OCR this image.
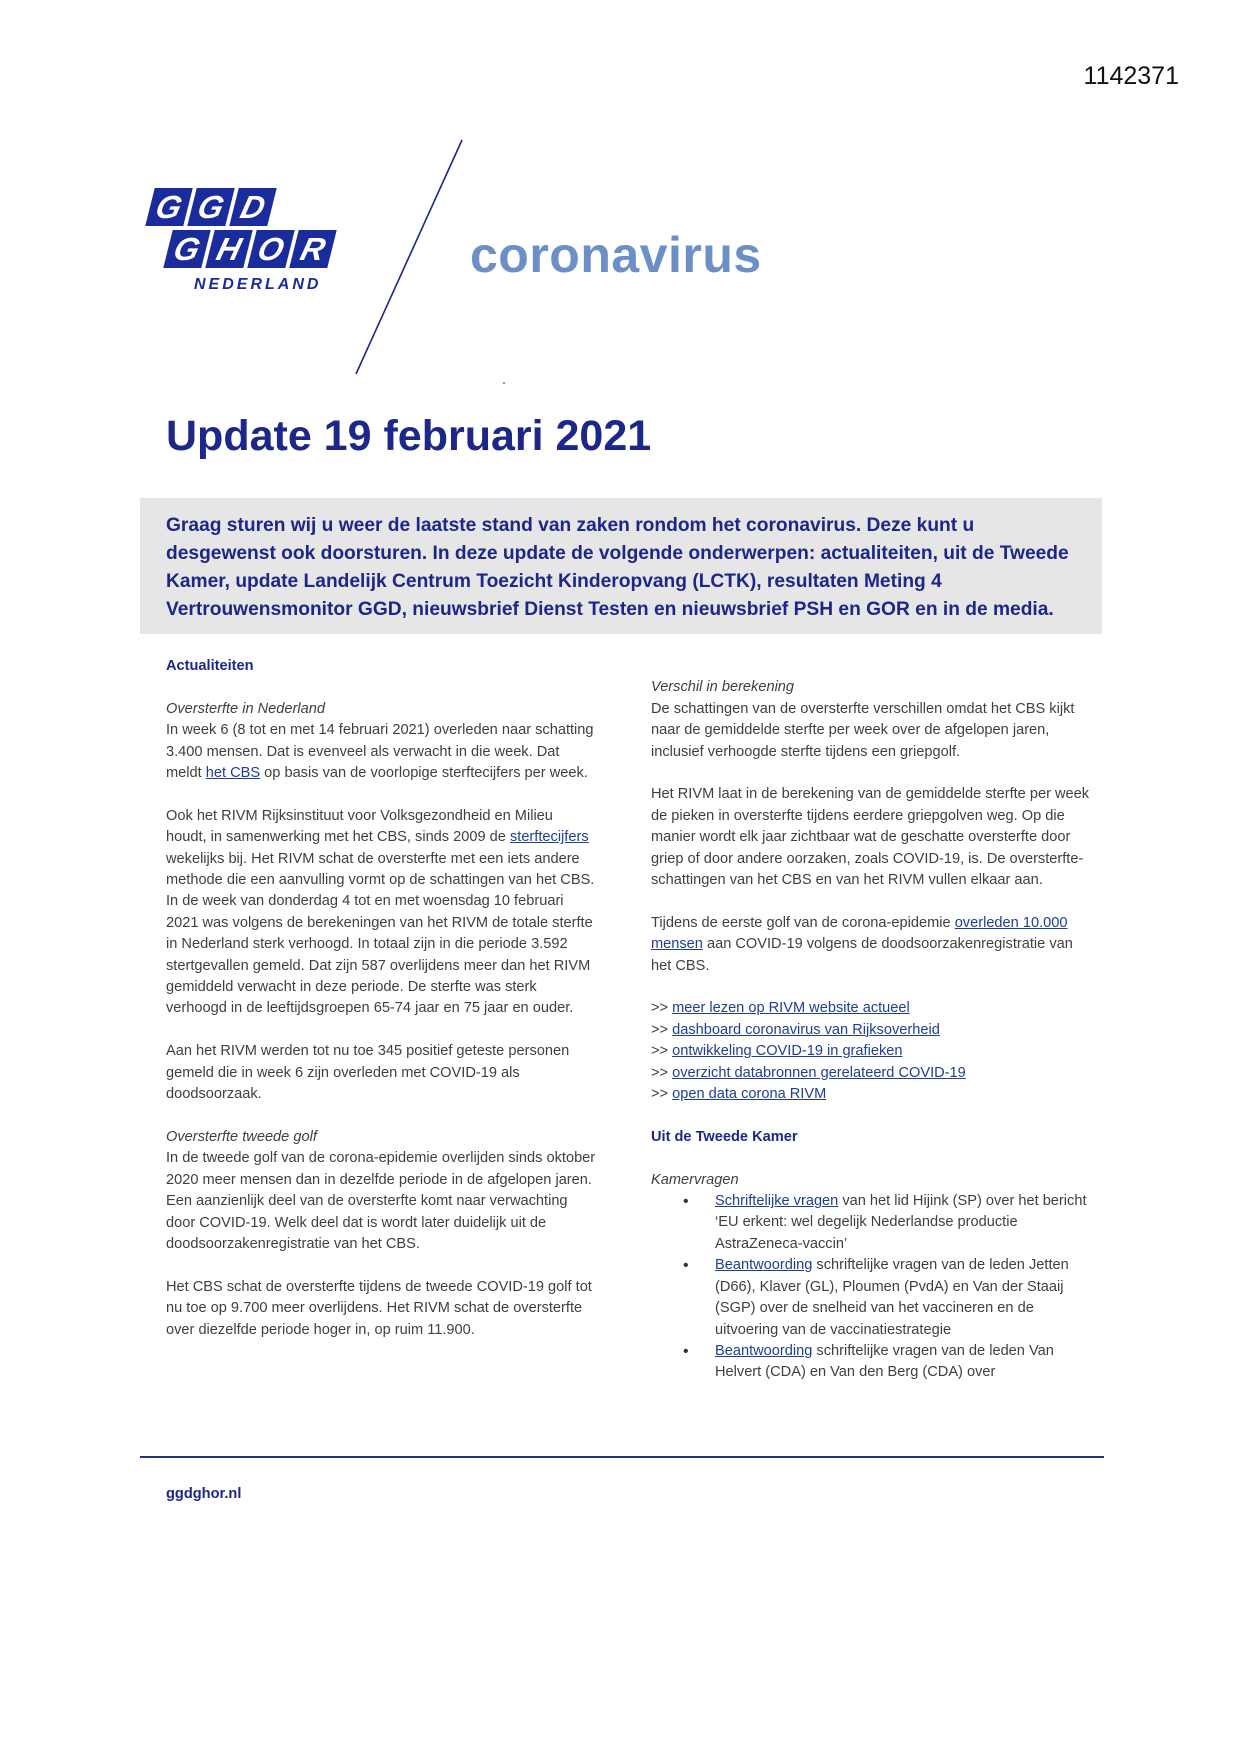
1142371
G G D
G H O R
NEDERLAND
coronavirus
Update 19 februari 2021

Graag sturen wij u weer de laatste stand van zaken rondom het coronavirus. Deze kunt u desgewenst ook doorsturen. In deze update de volgende onderwerpen: actualiteiten, uit de Tweede Kamer, update Landelijk Centrum Toezicht Kinderopvang (LCTK), resultaten Meting 4 Vertrouwensmonitor GGD, nieuwsbrief Dienst Testen en nieuwsbrief PSH en GOR en in de media.

Actualiteiten

Oversterfte in Nederland

In week 6 (8 tot en met 14 februari 2021) overleden naar schatting 3.400 mensen. Dat is evenveel als verwacht in die week. Dat meldt het CBS op basis van de voorlopige sterftecijfers per week.

Ook het RIVM Rijksinstituut voor Volksgezondheid en Milieu houdt, in samenwerking met het CBS, sinds 2009 de sterftecijfers wekelijks bij. Het RIVM schat de oversterfte met een iets andere methode die een aanvulling vormt op de schattingen van het CBS. In de week van donderdag 4 tot en met woensdag 10 februari 2021 was volgens de berekeningen van het RIVM de totale sterfte in Nederland sterk verhoogd. In totaal zijn in die periode 3.592 stertgevallen gemeld. Dat zijn 587 overlijdens meer dan het RIVM gemiddeld verwacht in deze periode. De sterfte was sterk verhoogd in de leeftijdsgroepen 65-74 jaar en 75 jaar en ouder.

Aan het RIVM werden tot nu toe 345 positief geteste personen gemeld die in week 6 zijn overleden met COVID-19 als doodsoorzaak.

Oversterfte tweede golf

In de tweede golf van de corona-epidemie overlijden sinds oktober 2020 meer mensen dan in dezelfde periode in de afgelopen jaren. Een aanzienlijk deel van de oversterfte komt naar verwachting door COVID-19. Welk deel dat is wordt later duidelijk uit de doodsoorzakenregistratie van het CBS.

Het CBS schat de oversterfte tijdens de tweede COVID-19 golf tot nu toe op 9.700 meer overlijdens. Het RIVM schat de oversterfte over diezelfde periode hoger in, op ruim 11.900.

Verschil in berekening

De schattingen van de oversterfte verschillen omdat het CBS kijkt naar de gemiddelde sterfte per week over de afgelopen jaren, inclusief verhoogde sterfte tijdens een griepgolf.

Het RIVM laat in de berekening van de gemiddelde sterfte per week de pieken in oversterfte tijdens eerdere griepgolven weg. Op die manier wordt elk jaar zichtbaar wat de geschatte oversterfte door griep of door andere oorzaken, zoals COVID-19, is. De oversterfte-schattingen van het CBS en van het RIVM vullen elkaar aan.

Tijdens de eerste golf van de corona-epidemie overleden 10.000 mensen aan COVID-19 volgens de doodsoorzakenregistratie van het CBS.

>> meer lezen op RIVM website actueel
>> dashboard coronavirus van Rijksoverheid
>> ontwikkeling COVID-19 in grafieken
>> overzicht databronnen gerelateerd COVID-19
>> open data corona RIVM

Uit de Tweede Kamer

Kamervragen

• Schriftelijke vragen van het lid Hijink (SP) over het bericht ‘EU erkent: wel degelijk Nederlandse productie AstraZeneca-vaccin’
• Beantwoording schriftelijke vragen van de leden Jetten (D66), Klaver (GL), Ploumen (PvdA) en Van der Staaij (SGP) over de snelheid van het vaccineren en de uitvoering van de vaccinatiestrategie
• Beantwoording schriftelijke vragen van de leden Van Helvert (CDA) en Van den Berg (CDA) over
ggdghor.nl
